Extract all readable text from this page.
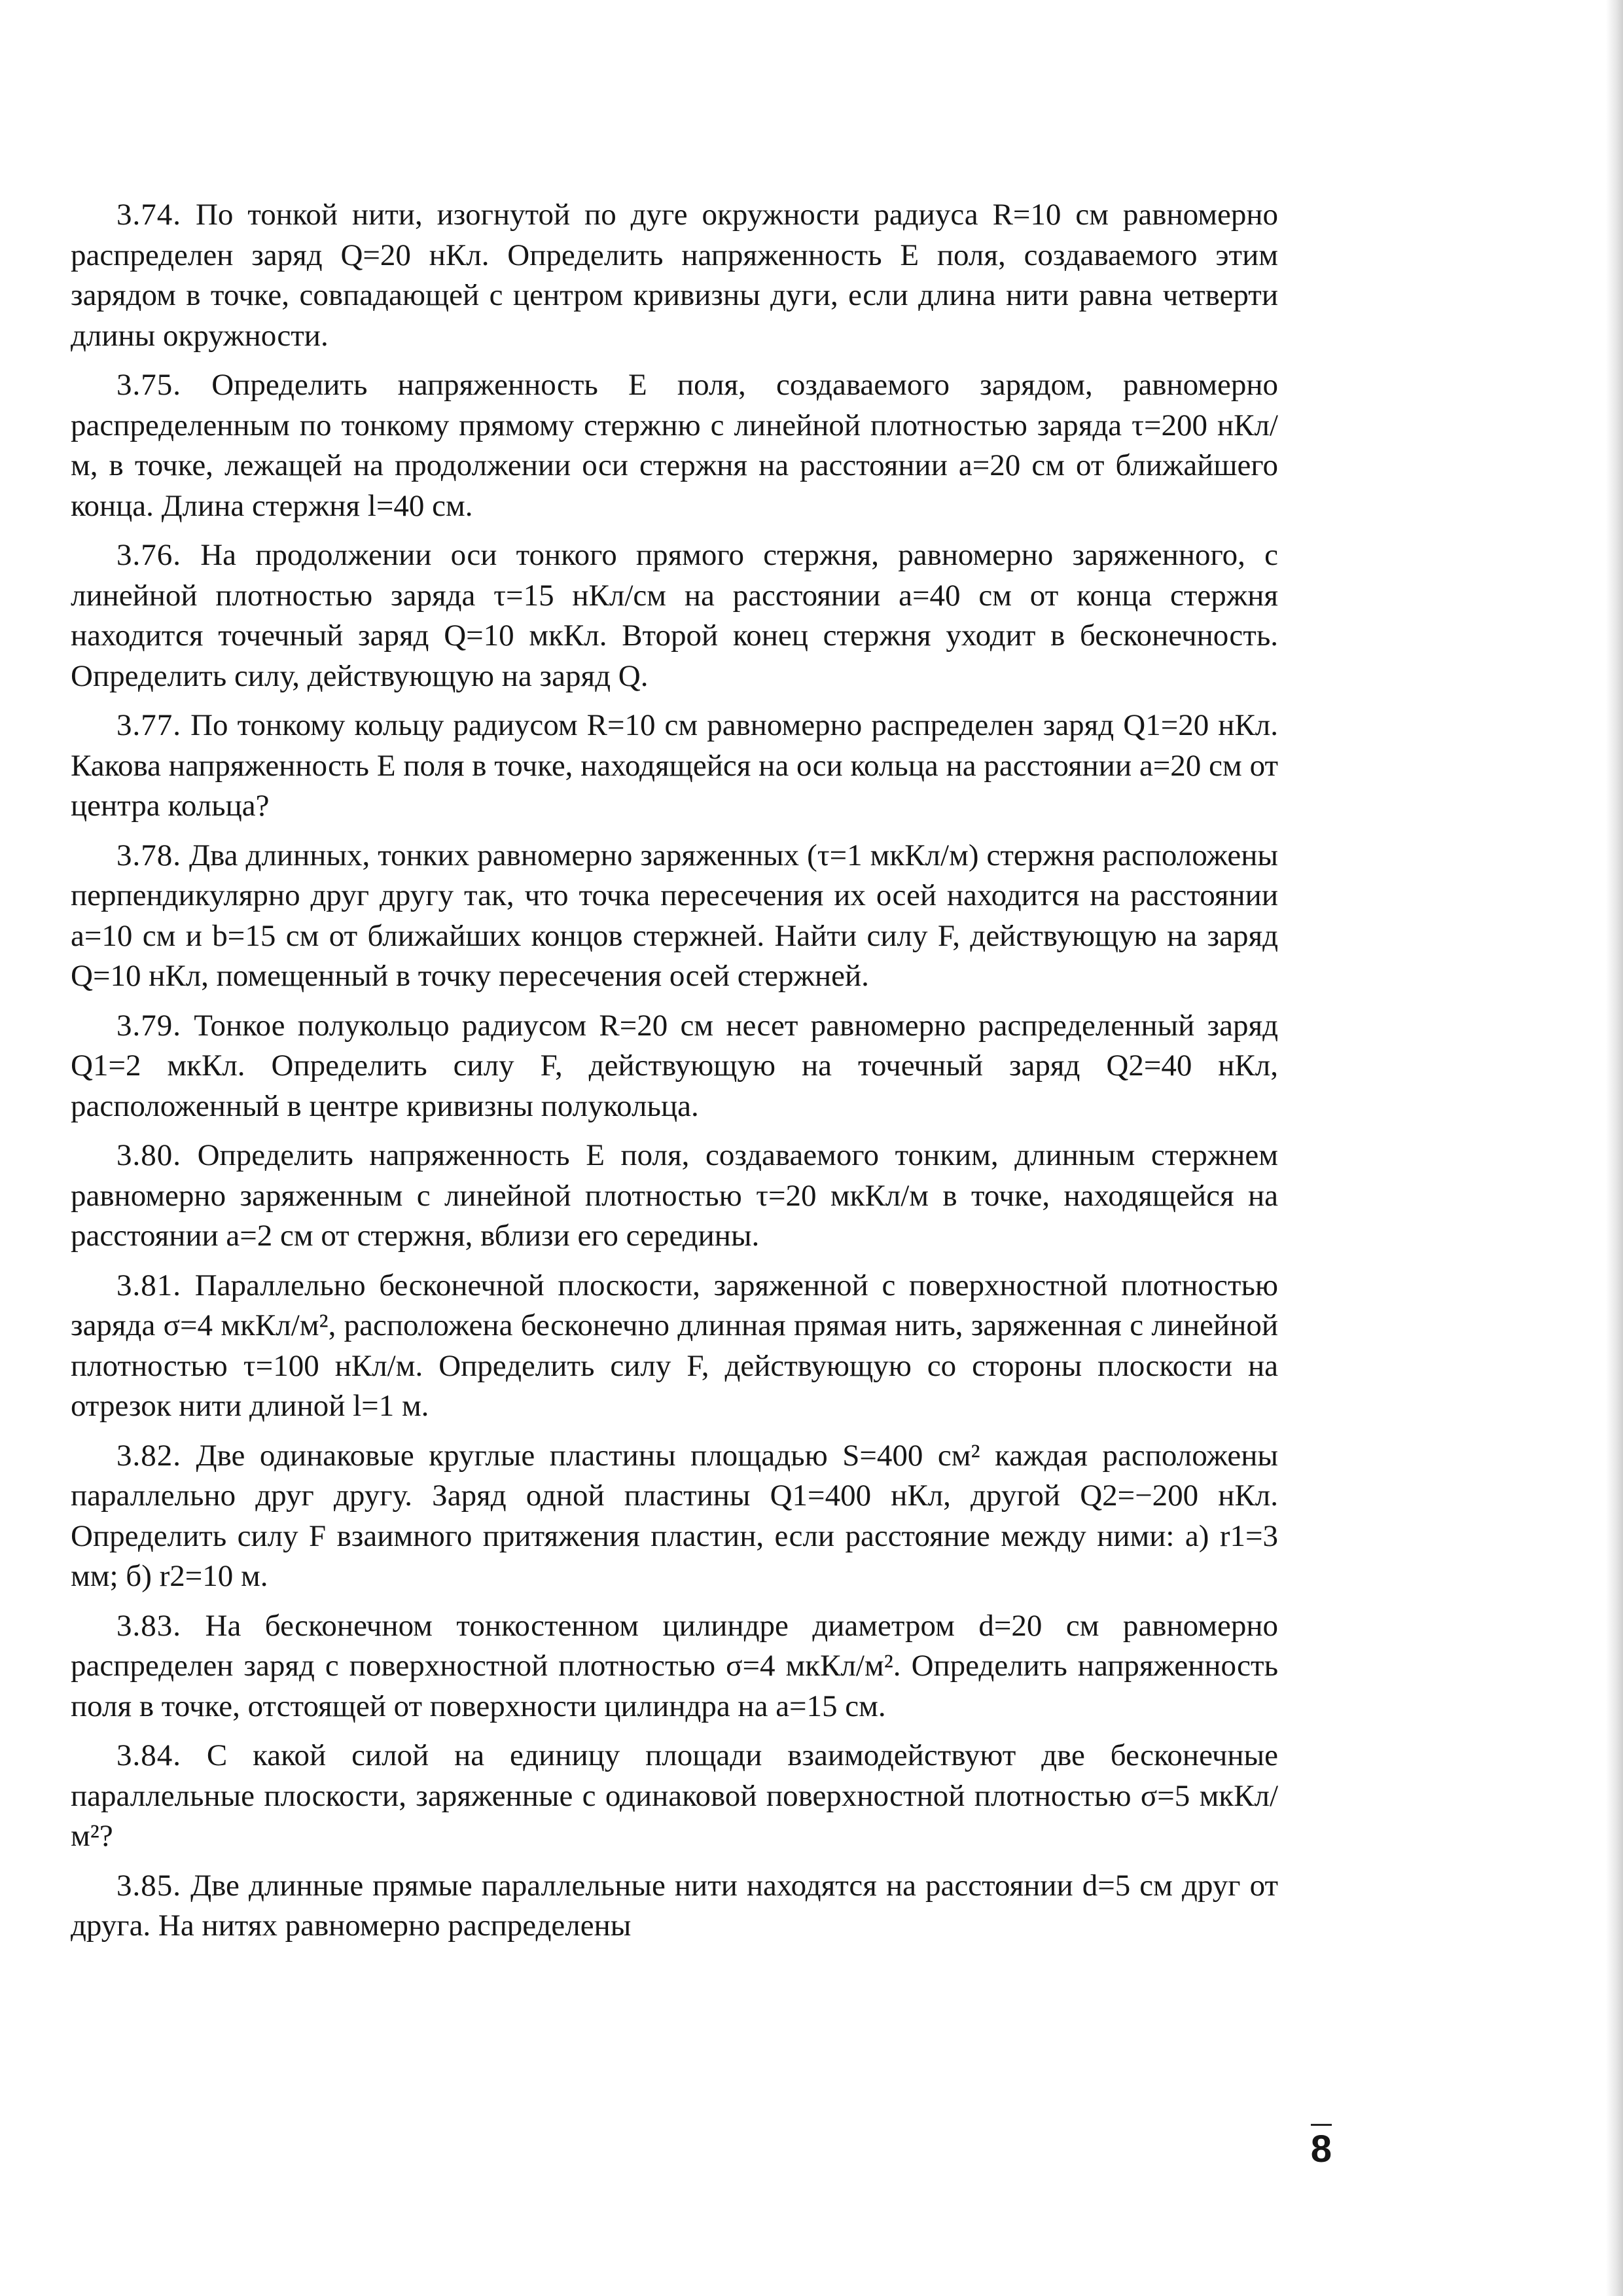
3.74. По тонкой нити, изогнутой по дуге окружности радиуса R=10 см равномерно распределен заряд Q=20 нКл. Определить напряженность E поля, создаваемого этим зарядом в точке, совпадающей с центром кривизны дуги, если длина нити равна четверти длины окружности.

3.75. Определить напряженность E поля, создаваемого зарядом, равномерно распределенным по тонкому прямому стержню с линейной плотностью заряда τ=200 нКл/м, в точке, лежащей на продолжении оси стержня на расстоянии a=20 см от ближайшего конца. Длина стержня l=40 см.

3.76. На продолжении оси тонкого прямого стержня, равномерно заряженного, с линейной плотностью заряда τ=15 нКл/см на расстоянии a=40 см от конца стержня находится точечный заряд Q=10 мкКл. Второй конец стержня уходит в бесконечность. Определить силу, действующую на заряд Q.

3.77. По тонкому кольцу радиусом R=10 см равномерно распределен заряд Q1=20 нКл. Какова напряженность E поля в точке, находящейся на оси кольца на расстоянии a=20 см от центра кольца?

3.78. Два длинных, тонких равномерно заряженных (τ=1 мкКл/м) стержня расположены перпендикулярно друг другу так, что точка пересечения их осей находится на расстоянии a=10 см и b=15 см от ближайших концов стержней. Найти силу F, действующую на заряд Q=10 нКл, помещенный в точку пересечения осей стержней.

3.79. Тонкое полукольцо радиусом R=20 см несет равномерно распределенный заряд Q1=2 мкКл. Определить силу F, действующую на точечный заряд Q2=40 нКл, расположенный в центре кривизны полукольца.

3.80. Определить напряженность E поля, создаваемого тонким, длинным стержнем равномерно заряженным с линейной плотностью τ=20 мкКл/м в точке, находящейся на расстоянии a=2 см от стержня, вблизи его середины.

3.81. Параллельно бесконечной плоскости, заряженной с поверхностной плотностью заряда σ=4 мкКл/м², расположена бесконечно длинная прямая нить, заряженная с линейной плотностью τ=100 нКл/м. Определить силу F, действующую со стороны плоскости на отрезок нити длиной l=1 м.

3.82. Две одинаковые круглые пластины площадью S=400 см² каждая расположены параллельно друг другу. Заряд одной пластины Q1=400 нКл, другой Q2=−200 нКл. Определить силу F взаимного притяжения пластин, если расстояние между ними: а) r1=3 мм; б) r2=10 м.

3.83. На бесконечном тонкостенном цилиндре диаметром d=20 см равномерно распределен заряд с поверхностной плотностью σ=4 мкКл/м². Определить напряженность поля в точке, отстоящей от поверхности цилиндра на a=15 см.

3.84. С какой силой на единицу площади взаимодействуют две бесконечные параллельные плоскости, заряженные с одинаковой поверхностной плотностью σ=5 мкКл/м²?

3.85. Две длинные прямые параллельные нити находятся на расстоянии d=5 см друг от друга. На нитях равномерно распределены

8
